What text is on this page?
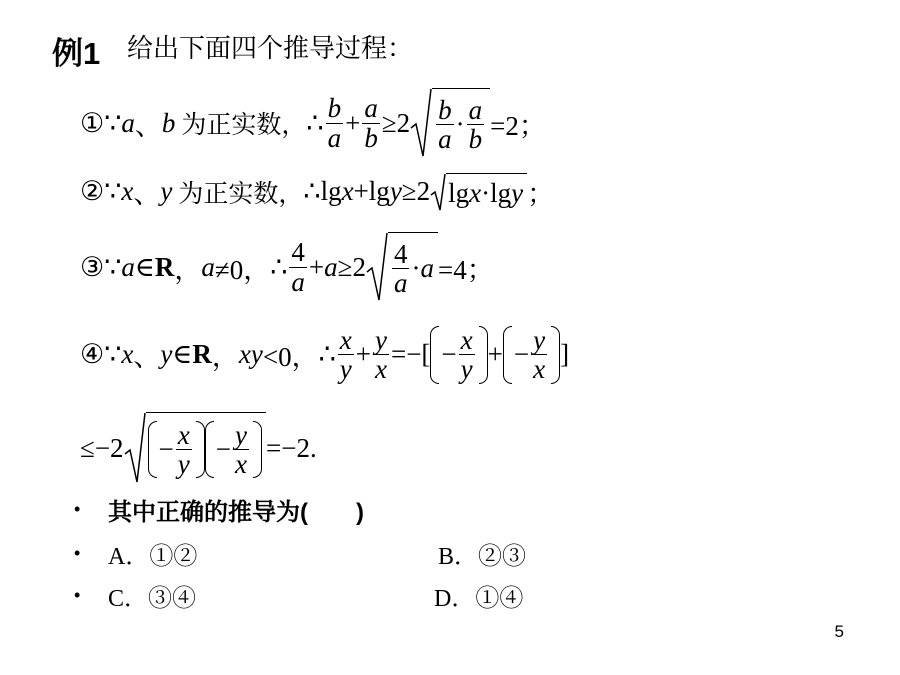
例1 给出下面四个推导过程：
① ∵ a 、 b 为正实数， ∴ $\frac{b}{a} + \frac{a}{b} \ge 2 \frac{b}{a} \cdot \frac{a}{b} =2$；
② ∵ x 、 y 为正实数， ∴ lg x +lg y ≥2 lg x ·lg y ；
③ ∵ a ∈ R ， a ≠0， ∴ $\frac{4}{a} + a \ge 2 \frac{4}{a} \cdot a =4$；
④ ∵ x 、 y ∈ R ， xy <0， ∴ $\frac{x}{y} + \frac{y}{x}$ =−[ − $\frac{x}{y}$ + − $\frac{y}{x}$ ]
$\le-2 - \frac{x}{y} - \frac{y}{x} =-2$.
•	其中正确的推导为(　　)
•	A．①②	B．②③
•	C．③④	D．①④
5
